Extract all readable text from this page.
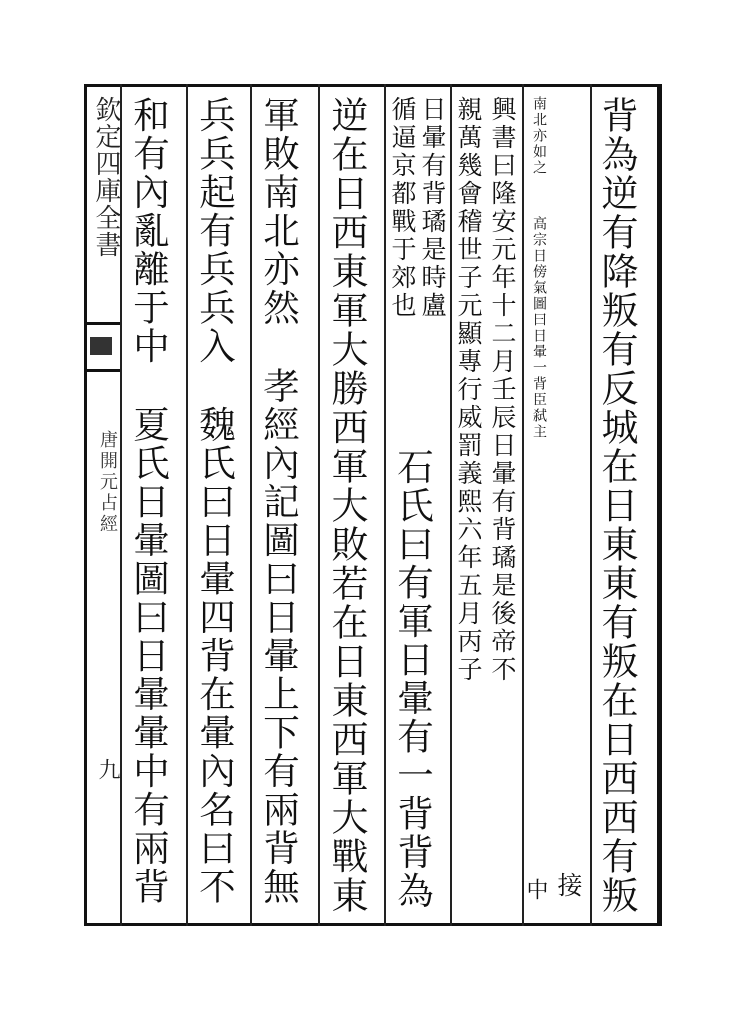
欽定四庫全書
唐開元占經
九	背為逆有降叛有反城在日東東有叛在日西西有叛
南北亦如之高宗日傍氣圖曰日暈一背臣弑主
接
興書曰隆安元年十二月壬辰日暈有背璚是後帝不
親萬幾會稽世子元顯專行威罰義熙六年五月丙子
中
日暈有背璚是時盧
循逼京都戰于郊也
石氏曰有軍日暈有一背背為
逆在日西東軍大勝西軍大敗若在日東西軍大戰東
軍敗南北亦然孝經內記圖曰日暈上下有兩背無
兵兵起有兵兵入魏氏曰日暈四背在暈內名曰不
和有內亂離于中夏氏日暈圖曰日暈暈中有兩背
